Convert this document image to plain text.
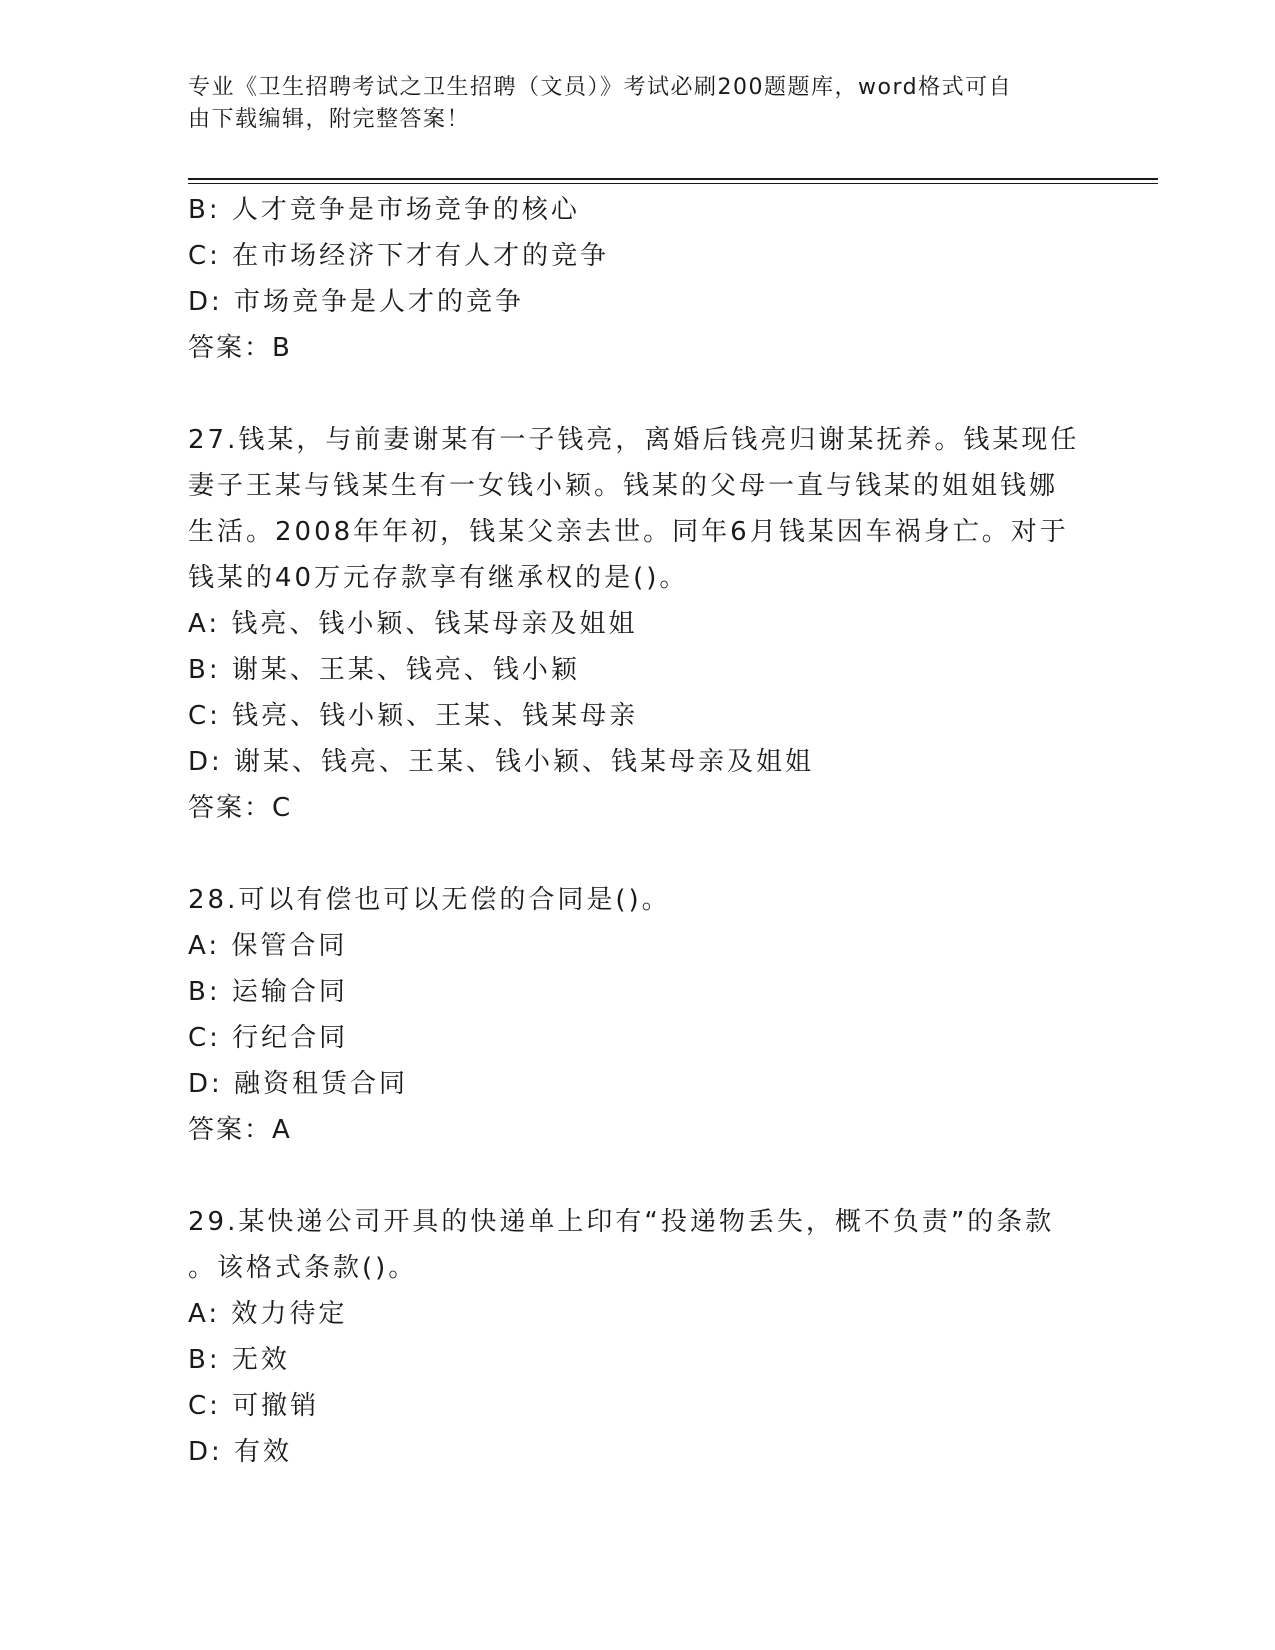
专业《卫生招聘考试之卫生招聘（文员）》考试必刷200题题库，word格式可自
由下载编辑，附完整答案！
B: 人才竞争是市场竞争的核心
C: 在市场经济下才有人才的竞争
D: 市场竞争是人才的竞争
答案：B
27.钱某，与前妻谢某有一子钱亮，离婚后钱亮归谢某抚养。钱某现任
妻子王某与钱某生有一女钱小颖。钱某的父母一直与钱某的姐姐钱娜
生活。2008年年初，钱某父亲去世。同年6月钱某因车祸身亡。对于
钱某的40万元存款享有继承权的是()。
A: 钱亮、钱小颖、钱某母亲及姐姐
B: 谢某、王某、钱亮、钱小颖
C: 钱亮、钱小颖、王某、钱某母亲
D: 谢某、钱亮、王某、钱小颖、钱某母亲及姐姐
答案：C
28.可以有偿也可以无偿的合同是()。
A: 保管合同
B: 运输合同
C: 行纪合同
D: 融资租赁合同
答案：A
29.某快递公司开具的快递单上印有“投递物丢失，概不负责”的条款
。该格式条款()。
A: 效力待定
B: 无效
C: 可撤销
D: 有效
